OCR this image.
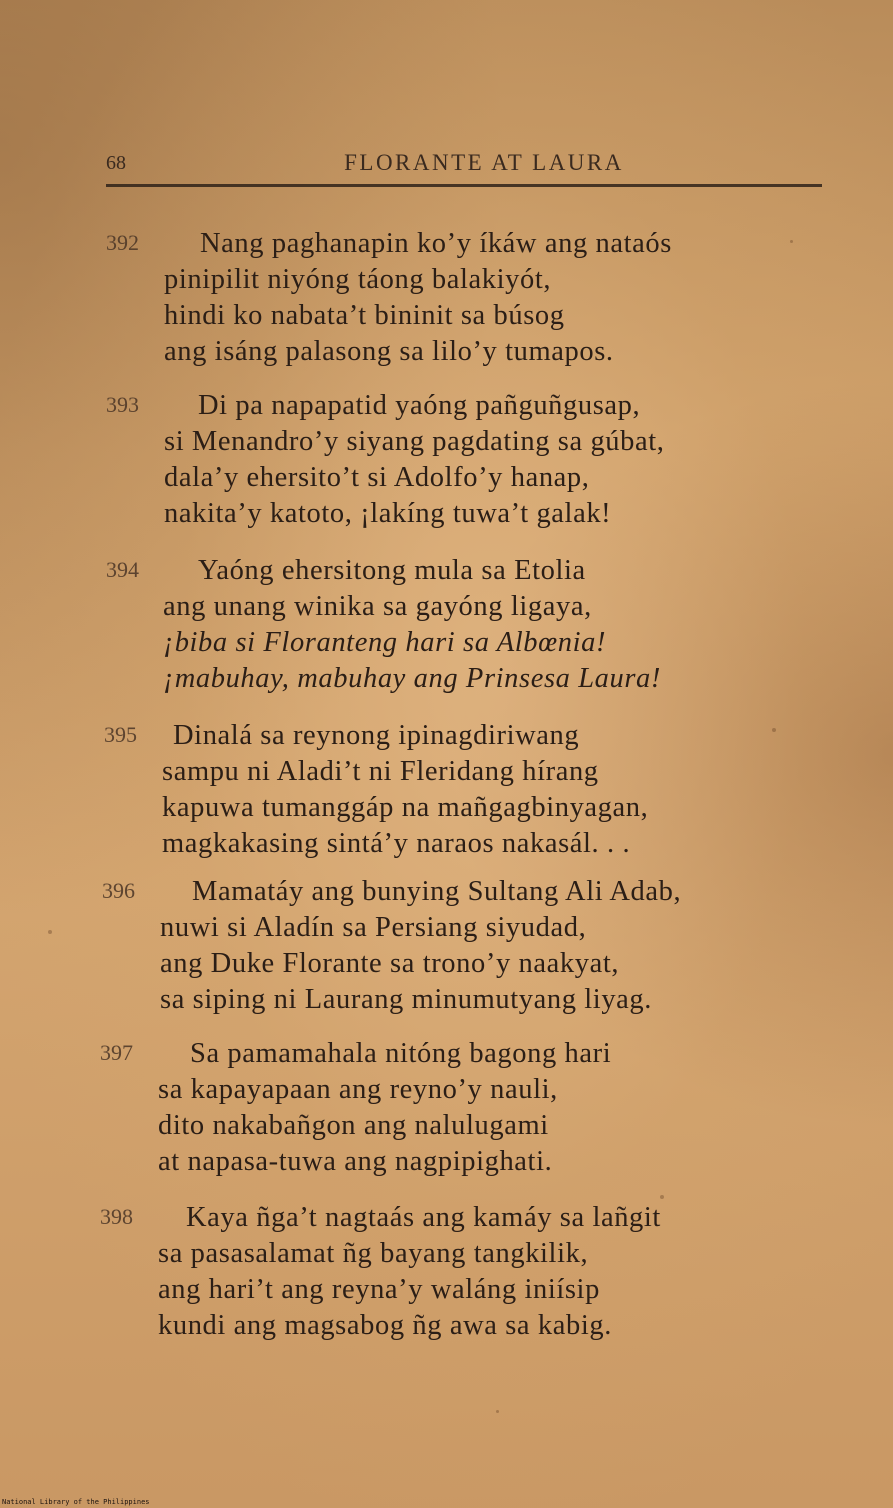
68	FLORANTE AT LAURA
392 Nang paghanapin ko’y íkáw ang nataós
pinipilit niyóng táong balakiyót,
hindi ko nabata’t bininit sa búsog
ang isáng palasong sa lilo’y tumapos.
393 Di pa napapatid yaóng pañguñgusap,
si Menandro’y siyang pagdating sa gúbat,
dala’y ehersito’t si Adolfo’y hanap,
nakita’y katoto, ¡lakíng tuwa’t galak!
394 Yaóng ehersitong mula sa Etolia
ang unang winika sa gayóng ligaya,
¡biba si Floranteng hari sa Albœnia!
¡mabuhay, mabuhay ang Prinsesa Laura!
395 Dinalá sa reynong ipinagdiriwang
sampu ni Aladi’t ni Fleridang hírang
kapuwa tumanggáp na mañgagbinyagan,
magkakasing sintá’y naraos nakasál. . .
396 Mamatáy ang bunying Sultang Ali Adab,
nuwi si Aladín sa Persiang siyudad,
ang Duke Florante sa trono’y naakyat,
sa siping ni Laurang minumutyang liyag.
397 Sa pamamahala nitóng bagong hari
sa kapayapaan ang reyno’y nauli,
dito nakabañgon ang nalulugami
at napasa-tuwa ang nagpipighati.
398 Kaya ñga’t nagtaás ang kamáy sa lañgit
sa pasasalamat ñg bayang tangkilik,
ang hari’t ang reyna’y waláng iniísip
kundi ang magsabog ñg awa sa kabig.
National Library of the Philippines
